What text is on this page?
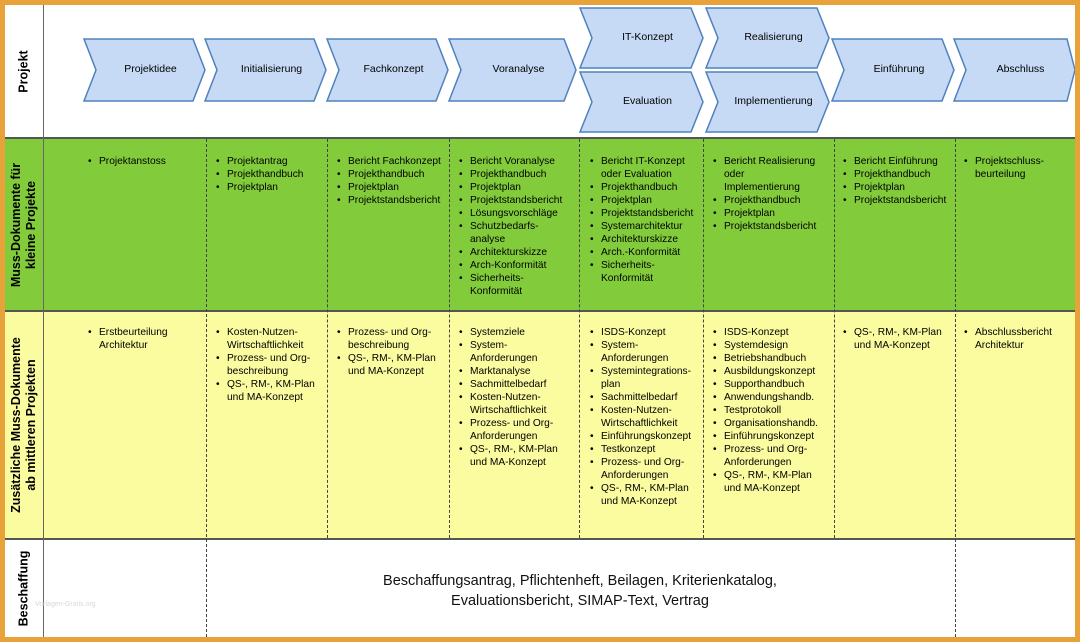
Projekt
Muss-Dokumente für kleine Projekte
Zusätzliche Muss-Dokumente ab mittleren Projekten
Beschaffung
Projektidee	Initialisierung	Fachkonzept	Voranalyse
IT-Konzept
Evaluation
Realisierung
Implementierung
Einführung	Abschluss
• Projektanstoss
•	Projektantrag
• Projekthandbuch
• Projektplan
• Bericht Fachkonzept
• Projekthandbuch
• Projektplan
• Projektstandsbericht
• Bericht Voranalyse
• Projekthandbuch
• Projektplan
• Projektstandsbericht
• Lösungsvorschläge
• Schutzbedarfs-
analyse
• Architekturskizze
• Arch-Konformität
• Sicherheits-
Konformität
• Bericht IT-Konzept
oder Evaluation
• Projekthandbuch
• Projektplan
• Projektstandsbericht
• Systemarchitektur
• Architekturskizze
• Arch.-Konformität
• Sicherheits-
Konformität
• Bericht Realisierung
oder
Implementierung
• Projekthandbuch
• Projektplan
• Projektstandsbericht
• Bericht Einführung
• Projekthandbuch
• Projektplan
• Projektstandsbericht
• Projektschluss-
beurteilung
• Erstbeurteilung
Architektur
• Kosten-Nutzen-
Wirtschaftlichkeit
• Prozess- und Org-
beschreibung
• QS-, RM-, KM-Plan
und MA-Konzept
• Prozess- und Org-
beschreibung
• QS-, RM-, KM-Plan
und MA-Konzept
• Systemziele
• System-
Anforderungen
• Marktanalyse
• Sachmittelbedarf
• Kosten-Nutzen-
Wirtschaftlichkeit
• Prozess- und Org-
Anforderungen
• QS-, RM-, KM-Plan
und MA-Konzept
• ISDS-Konzept
• System-
Anforderungen
• Systemintegrations-
plan
• Sachmittelbedarf
• Kosten-Nutzen-
Wirtschaftlichkeit
• Einführungskonzept
• Testkonzept
• Prozess- und Org-
Anforderungen
• QS-, RM-, KM-Plan
und MA-Konzept
• ISDS-Konzept
• Systemdesign
• Betriebshandbuch
• Ausbildungskonzept
• Supporthandbuch
• Anwendungshandb.
• Testprotokoll
• Organisationshandb.
• Einführungskonzept
• Prozess- und Org-
Anforderungen
• QS-, RM-, KM-Plan
und MA-Konzept
• QS-, RM-, KM-Plan
und MA-Konzept
• Abschlussbericht
Architektur
Beschaffungsantrag, Pflichtenheft, Beilagen, Kriterienkatalog,
Evaluationsbericht, SIMAP-Text, Vertrag
Vorlagen-Gratis.org
